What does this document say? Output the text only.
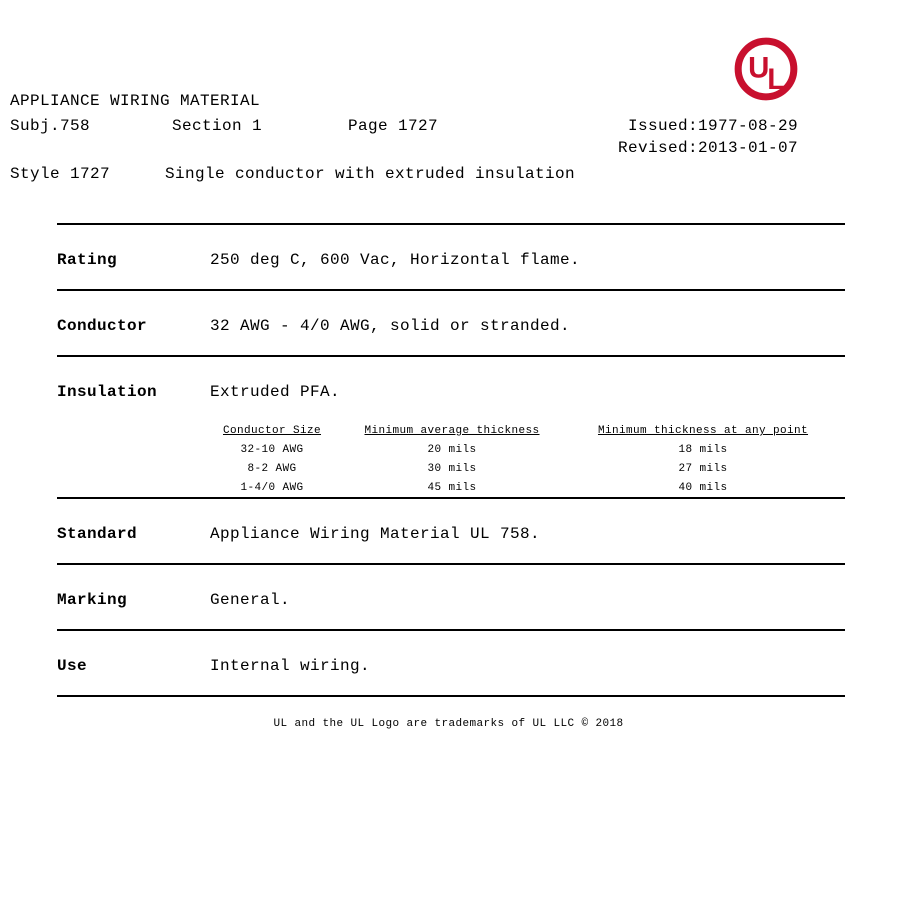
U
L
APPLIANCE WIRING MATERIAL
Subj.758	Section 1	Page 1727	Issued:1977-08-29
Revised:2013-01-07
Style 1727	Single conductor with extruded insulation
Rating	250 deg C, 600 Vac, Horizontal flame.
Conductor	32 AWG - 4/0 AWG, solid or stranded.
Insulation	Extruded PFA.
Conductor Size	Minimum average thickness	Minimum thickness at any point
32-10 AWG	20 mils	18 mils
8-2 AWG	30 mils	27 mils
1-4/0 AWG	45 mils	40 mils
Standard	Appliance Wiring Material UL 758.
Marking	General.
Use	Internal wiring.
UL and the UL Logo are trademarks of UL LLC © 2018
